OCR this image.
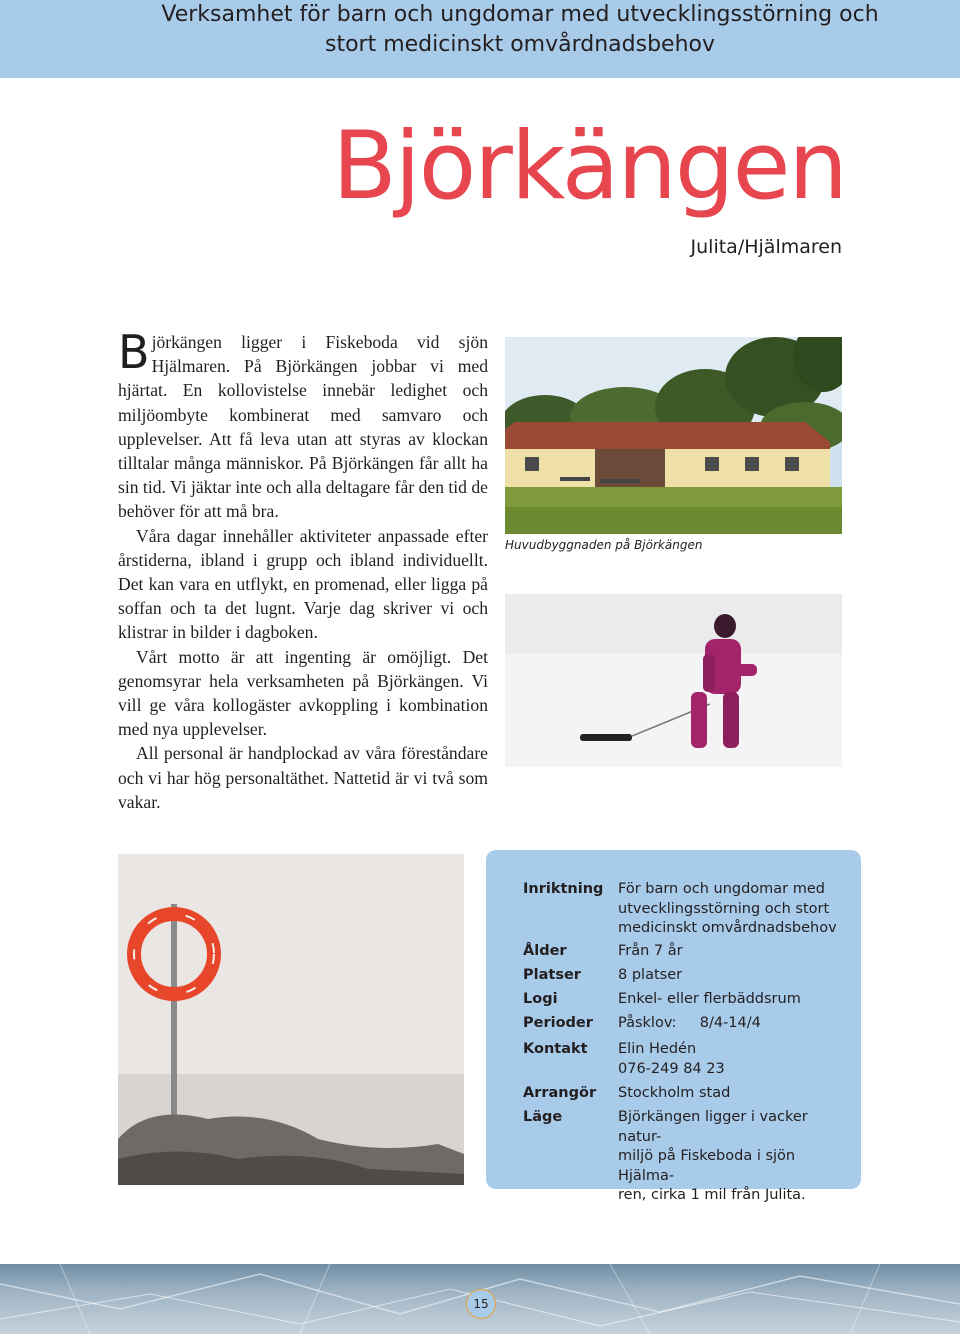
Verksamhet för barn och ungdomar med utvecklingsstörning och
stort medicinskt omvårdnadsbehov
Björkängen
Julita/Hjälmaren

Björkängen ligger i Fiskeboda vid sjön Hjälmaren. På Björkängen jobbar vi med hjärtat. En kollovistelse innebär ledighet och miljöombyte kombinerat med samvaro och upplevelser. Att få leva utan att styras av klockan tilltalar många människor. På Björkängen får allt ha sin tid. Vi jäktar inte och alla deltagare får den tid de behöver för att må bra.

Våra dagar innehåller aktiviteter anpassade efter årstiderna, ibland i grupp och ibland individuellt. Det kan vara en utflykt, en promenad, eller ligga på soffan och ta det lugnt. Varje dag skriver vi och klistrar in bilder i dagboken.

Vårt motto är att ingenting är omöjligt. Det genomsyrar hela verksamheten på Björkängen. Vi vill ge våra kollogäster avkoppling i kombination med nya upplevelser.

All personal är handplockad av våra föreståndare och vi har hög personaltäthet. Nattetid är vi två som vakar.

Huvudbyggnaden på Björkängen
Inriktning	För barn och ungdomar med
utvecklingsstörning och stort
medicinskt omvårdnadsbehov
Ålder	Från 7 år
Platser	8 platser
Logi	Enkel- eller flerbäddsrum
Perioder	Påsklov: 8/4-14/4
Kontakt	Elin Hedén
076-249 84 23
Arrangör	Stockholm stad
Läge	Björkängen ligger i vacker natur-
miljö på Fiskeboda i sjön Hjälma-
ren, cirka 1 mil från Julita.
15
